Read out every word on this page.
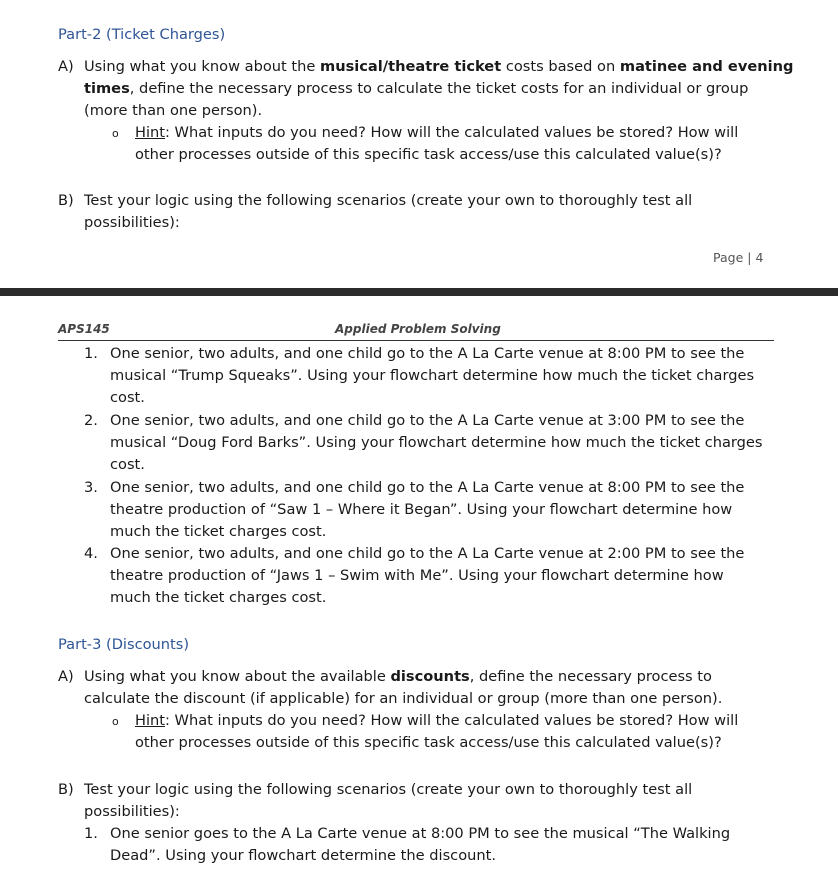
Part-2 (Ticket Charges)
A) Using what you know about the musical/theatre ticket costs based on matinee and evening
times, define the necessary process to calculate the ticket costs for an individual or group
(more than one person).
o Hint: What inputs do you need? How will the calculated values be stored? How will
other processes outside of this specific task access/use this calculated value(s)?
B) Test your logic using the following scenarios (create your own to thoroughly test all
possibilities):
Page | 4
APS145	Applied Problem Solving
1. One senior, two adults, and one child go to the A La Carte venue at 8:00 PM to see the
musical “Trump Squeaks”. Using your flowchart determine how much the ticket charges
cost.
2. One senior, two adults, and one child go to the A La Carte venue at 3:00 PM to see the
musical “Doug Ford Barks”. Using your flowchart determine how much the ticket charges
cost.
3. One senior, two adults, and one child go to the A La Carte venue at 8:00 PM to see the
theatre production of “Saw 1 – Where it Began”. Using your flowchart determine how
much the ticket charges cost.
4. One senior, two adults, and one child go to the A La Carte venue at 2:00 PM to see the
theatre production of “Jaws 1 – Swim with Me”. Using your flowchart determine how
much the ticket charges cost.
Part-3 (Discounts)
A) Using what you know about the available discounts, define the necessary process to
calculate the discount (if applicable) for an individual or group (more than one person).
o Hint: What inputs do you need? How will the calculated values be stored? How will
other processes outside of this specific task access/use this calculated value(s)?
B) Test your logic using the following scenarios (create your own to thoroughly test all
possibilities):
1. One senior goes to the A La Carte venue at 8:00 PM to see the musical “The Walking
Dead”. Using your flowchart determine the discount.
